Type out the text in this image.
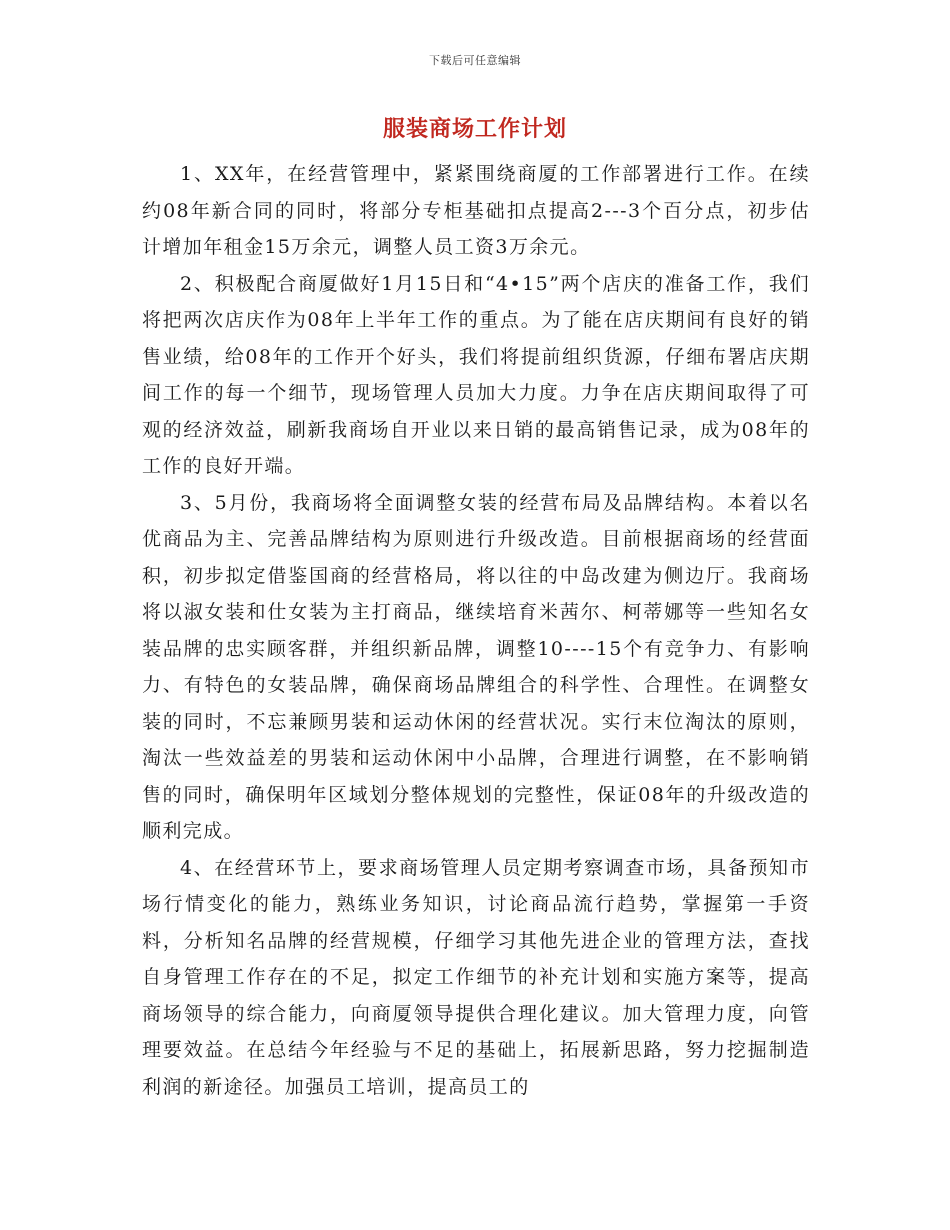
下载后可任意编辑
服装商场工作计划

1、XX年，在经营管理中，紧紧围绕商厦的工作部署进行工作。在续约08年新合同的同时，将部分专柜基础扣点提高2---3个百分点，初步估计增加年租金15万余元，调整人员工资3万余元。

2、积极配合商厦做好1月15日和“4•15”两个店庆的准备工作，我们将把两次店庆作为08年上半年工作的重点。为了能在店庆期间有良好的销售业绩，给08年的工作开个好头，我们将提前组织货源，仔细布署店庆期间工作的每一个细节，现场管理人员加大力度。力争在店庆期间取得了可观的经济效益，刷新我商场自开业以来日销的最高销售记录，成为08年的工作的良好开端。

3、5月份，我商场将全面调整女装的经营布局及品牌结构。本着以名优商品为主、完善品牌结构为原则进行升级改造。目前根据商场的经营面积，初步拟定借鉴国商的经营格局，将以往的中岛改建为侧边厅。我商场将以淑女装和仕女装为主打商品，继续培育米茜尔、柯蒂娜等一些知名女装品牌的忠实顾客群，并组织新品牌，调整10----15个有竞争力、有影响力、有特色的女装品牌，确保商场品牌组合的科学性、合理性。在调整女装的同时，不忘兼顾男装和运动休闲的经营状况。实行末位淘汰的原则，淘汰一些效益差的男装和运动休闲中小品牌，合理进行调整，在不影响销售的同时，确保明年区域划分整体规划的完整性，保证08年的升级改造的顺利完成。

4、在经营环节上，要求商场管理人员定期考察调查市场，具备预知市场行情变化的能力，熟练业务知识，讨论商品流行趋势，掌握第一手资料，分析知名品牌的经营规模，仔细学习其他先进企业的管理方法，查找自身管理工作存在的不足，拟定工作细节的补充计划和实施方案等，提高商场领导的综合能力，向商厦领导提供合理化建议。加大管理力度，向管理要效益。在总结今年经验与不足的基础上，拓展新思路，努力挖掘制造利润的新途径。加强员工培训，提高员工的
